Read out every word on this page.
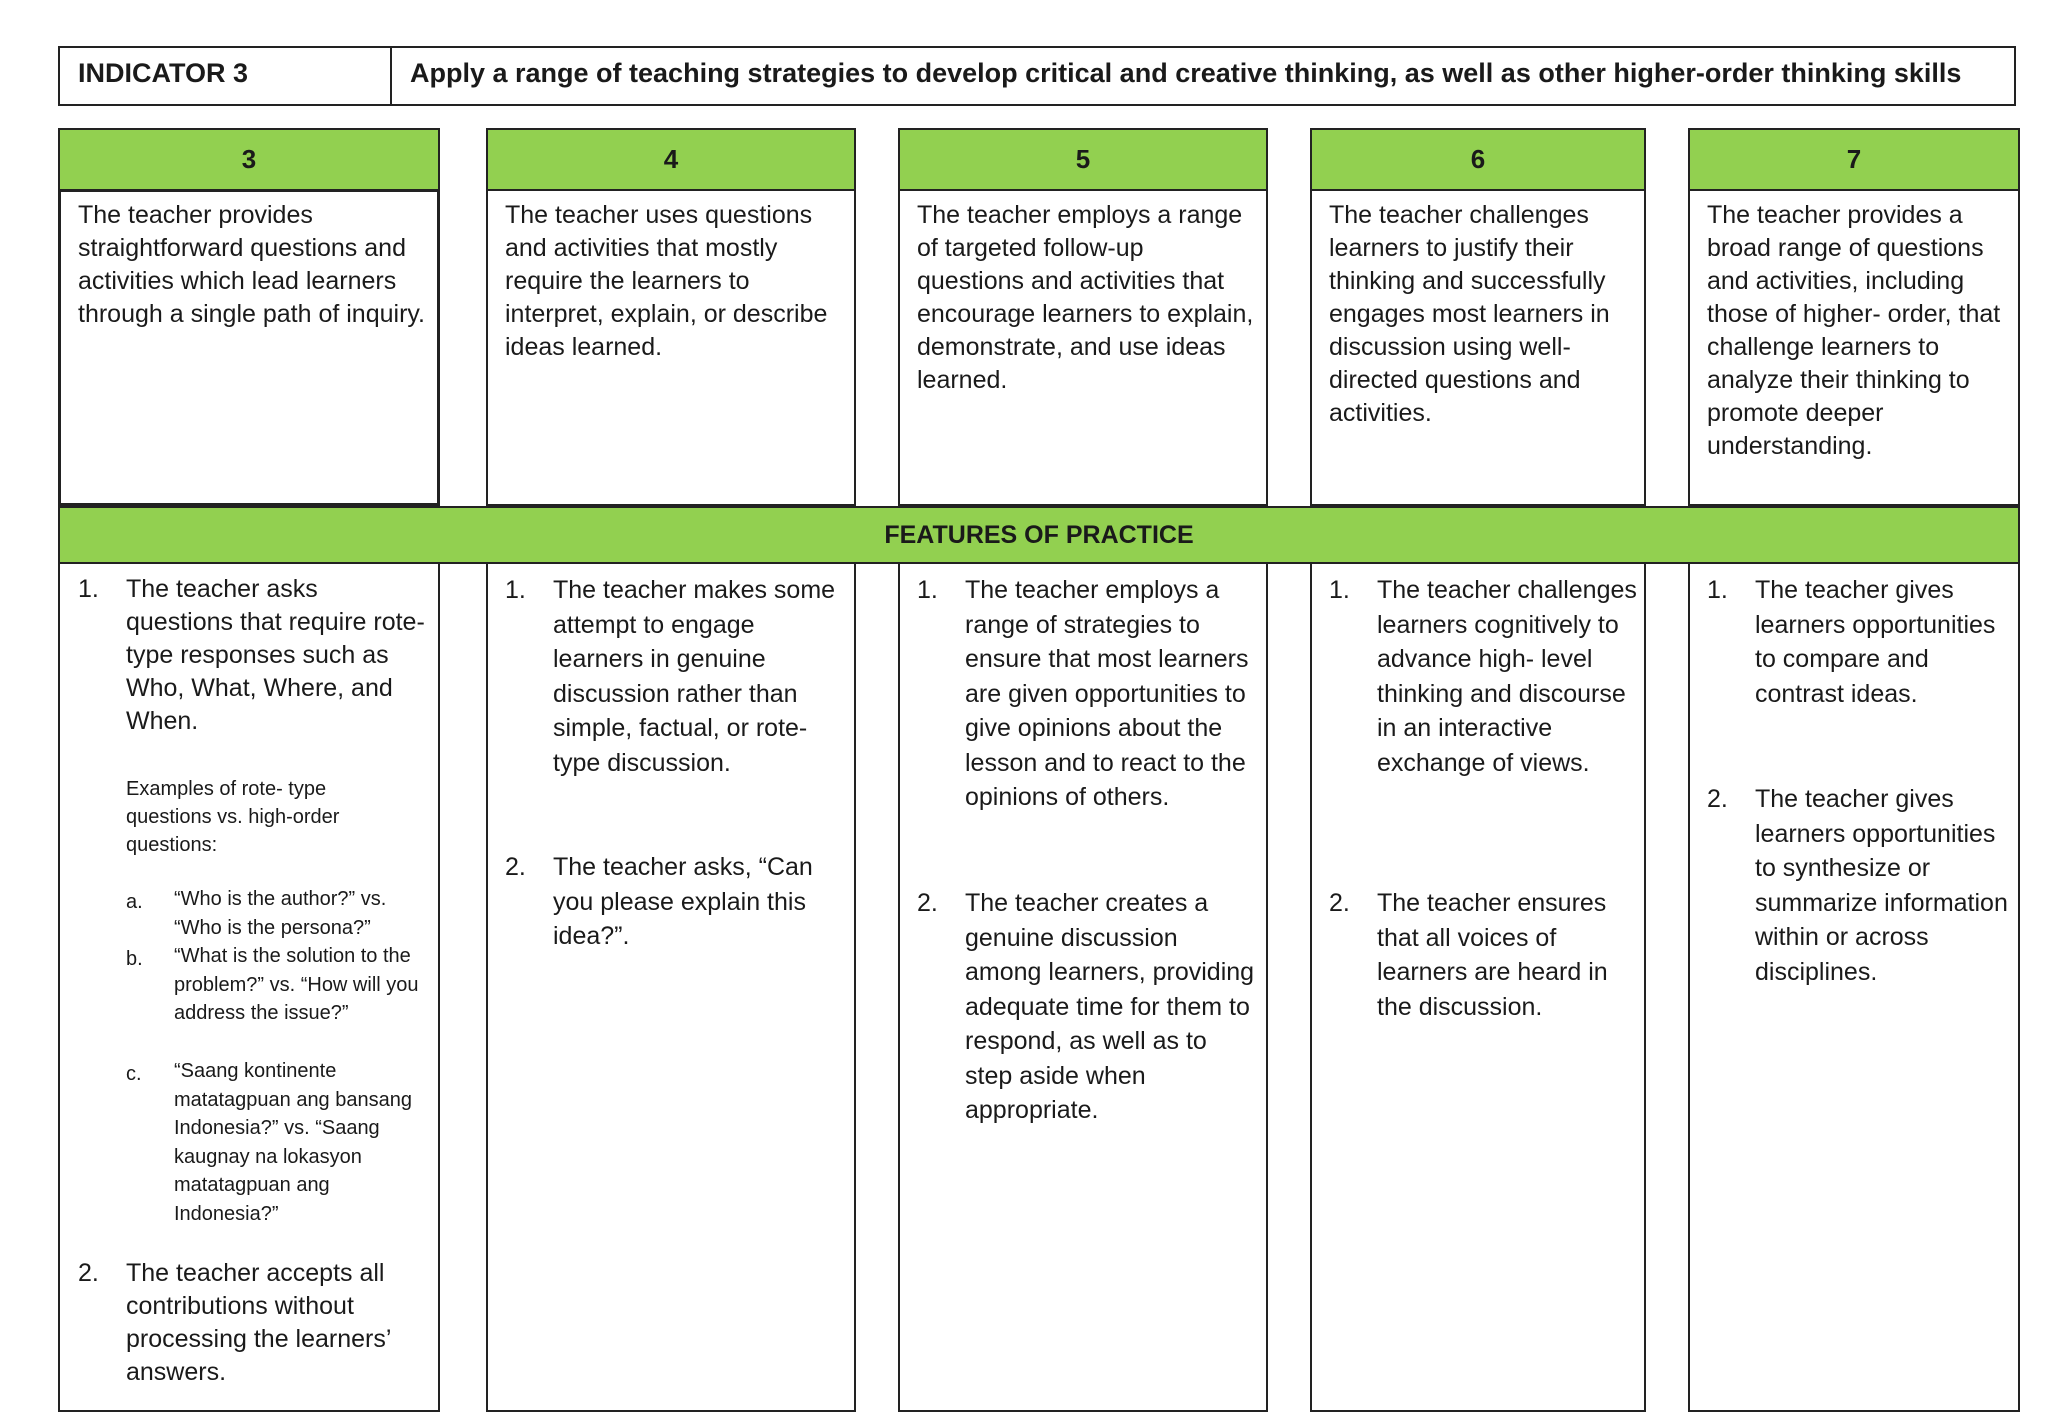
INDICATOR 3	Apply a range of teaching strategies to develop critical and creative thinking, as well as other higher-order thinking skills
3
The teacher provides straightforward questions and activities which lead learners through a single path of inquiry.
4
The teacher uses questions and activities that mostly require the learners to interpret, explain, or describe ideas learned.
5
The teacher employs a range of targeted follow-up questions and activities that encourage learners to explain, demonstrate, and use ideas learned.
6
The teacher challenges learners to justify their thinking and successfully engages most learners in discussion using well-directed questions and activities.
7
The teacher provides a broad range of questions and activities, including those of higher- order, that challenge learners to analyze their thinking to promote deeper understanding.
FEATURES OF PRACTICE
1. The teacher asks questions that require rote-type responses such as Who, What, Where, and When.
Examples of rote- type questions vs. high-order questions:
a. “Who is the author?” vs. “Who is the persona?”
b. “What is the solution to the problem?” vs. “How will you address the issue?”
c. “Saang kontinente matatagpuan ang bansang Indonesia?” vs. “Saang kaugnay na lokasyon matatagpuan ang Indonesia?”
2. The teacher accepts all contributions without processing the learners’ answers.
1. The teacher makes some attempt to engage learners in genuine discussion rather than simple, factual, or rote- type discussion.
2. The teacher asks, “Can you please explain this idea?”.
1. The teacher employs a range of strategies to ensure that most learners are given opportunities to give opinions about the lesson and to react to the opinions of others.
2. The teacher creates a genuine discussion among learners, providing adequate time for them to respond, as well as to step aside when appropriate.
1. The teacher challenges learners cognitively to advance high- level thinking and discourse in an interactive exchange of views.
2. The teacher ensures that all voices of learners are heard in the discussion.
1. The teacher gives learners opportunities to compare and contrast ideas.
2. The teacher gives learners opportunities to synthesize or summarize information within or across disciplines.
